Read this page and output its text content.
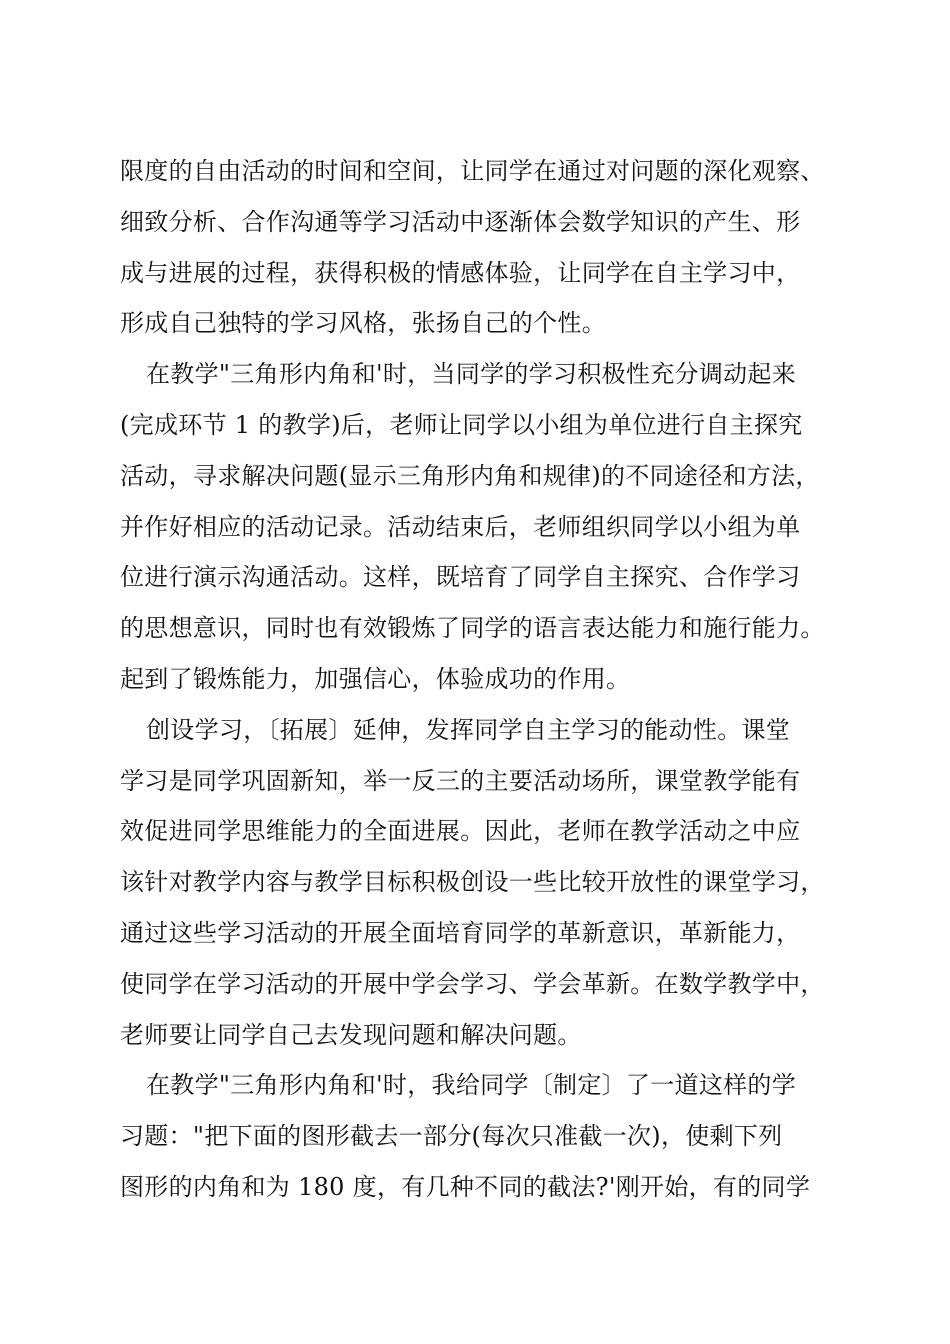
限度的自由活动的时间和空间，让同学在通过对问题的深化观察、
细致分析、合作沟通等学习活动中逐渐体会数学知识的产生、形
成与进展的过程，获得积极的情感体验，让同学在自主学习中，
形成自己独特的学习风格，张扬自己的个性。
在教学"三角形内角和'时，当同学的学习积极性充分调动起来
(完成环节 1 的教学)后，老师让同学以小组为单位进行自主探究
活动，寻求解决问题(显示三角形内角和规律)的不同途径和方法，
并作好相应的活动记录。活动结束后，老师组织同学以小组为单
位进行演示沟通活动。这样，既培育了同学自主探究、合作学习
的思想意识，同时也有效锻炼了同学的语言表达能力和施行能力。
起到了锻炼能力，加强信心，体验成功的作用。
创设学习，〔拓展〕延伸，发挥同学自主学习的能动性。课堂
学习是同学巩固新知，举一反三的主要活动场所，课堂教学能有
效促进同学思维能力的全面进展。因此，老师在教学活动之中应
该针对教学内容与教学目标积极创设一些比较开放性的课堂学习，
通过这些学习活动的开展全面培育同学的革新意识，革新能力，
使同学在学习活动的开展中学会学习、学会革新。在数学教学中，
老师要让同学自己去发现问题和解决问题。
在教学"三角形内角和'时，我给同学〔制定〕了一道这样的学
习题："把下面的图形截去一部分(每次只准截一次)，使剩下列
图形的内角和为 180 度，有几种不同的截法?'刚开始，有的同学
